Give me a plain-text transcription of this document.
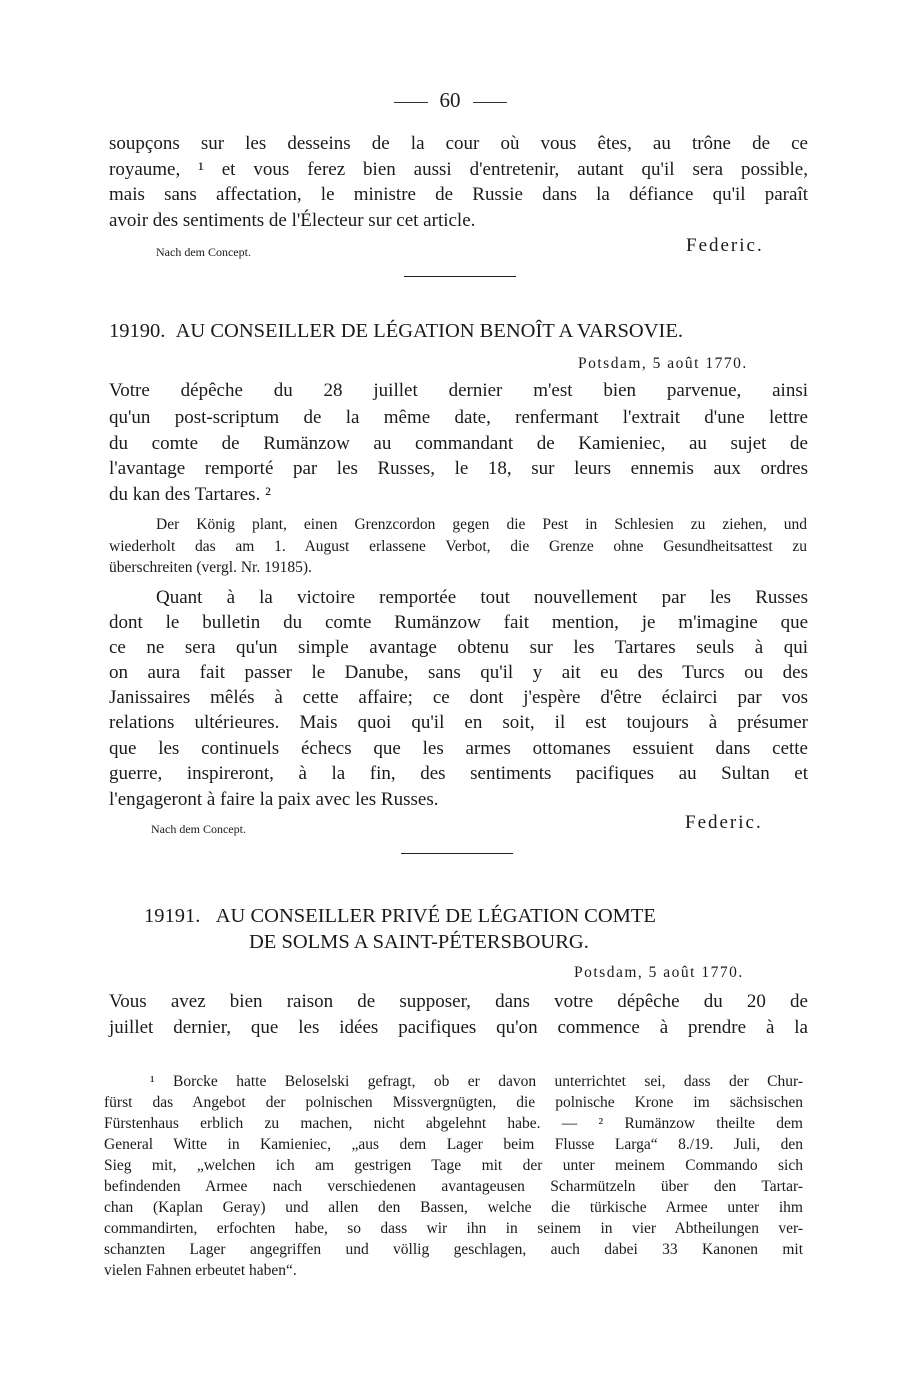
60
soupçons sur les desseins de la cour où vous êtes, au trône de ce
royaume, ¹ et vous ferez bien aussi d'entretenir, autant qu'il sera possible,
mais sans affectation, le ministre de Russie dans la défiance qu'il paraît
avoir des sentiments de l'Électeur sur cet article.
Nach dem Concept.	Federic.
19190. AU CONSEILLER DE LÉGATION BENOÎT A VARSOVIE.
Potsdam, 5 août 1770.
Votre dépêche du 28 juillet dernier m'est bien parvenue, ainsi
qu'un post-scriptum de la même date, renfermant l'extrait d'une lettre
du comte de Rumänzow au commandant de Kamieniec, au sujet de
l'avantage remporté par les Russes, le 18, sur leurs ennemis aux ordres
du kan des Tartares. ²
Der König plant, einen Grenzcordon gegen die Pest in Schlesien zu ziehen, und
wiederholt das am 1. August erlassene Verbot, die Grenze ohne Gesundheitsattest zu
überschreiten (vergl. Nr. 19185).
Quant à la victoire remportée tout nouvellement par les Russes
dont le bulletin du comte Rumänzow fait mention, je m'imagine que
ce ne sera qu'un simple avantage obtenu sur les Tartares seuls à qui
on aura fait passer le Danube, sans qu'il y ait eu des Turcs ou des
Janissaires mêlés à cette affaire; ce dont j'espère d'être éclairci par vos
relations ultérieures. Mais quoi qu'il en soit, il est toujours à présumer
que les continuels échecs que les armes ottomanes essuient dans cette
guerre, inspireront, à la fin, des sentiments pacifiques au Sultan et
l'engageront à faire la paix avec les Russes.
Nach dem Concept.	Federic.
19191. AU CONSEILLER PRIVÉ DE LÉGATION COMTE
DE SOLMS A SAINT-PÉTERSBOURG.
Potsdam, 5 août 1770.
Vous avez bien raison de supposer, dans votre dépêche du 20 de
juillet dernier, que les idées pacifiques qu'on commence à prendre à la
¹ Borcke hatte Beloselski gefragt, ob er davon unterrichtet sei, dass der Chur-
fürst das Angebot der polnischen Missvergnügten, die polnische Krone im sächsischen
Fürstenhaus erblich zu machen, nicht abgelehnt habe. — ² Rumänzow theilte dem
General Witte in Kamieniec, „aus dem Lager beim Flusse Larga“ 8./19. Juli, den
Sieg mit, „welchen ich am gestrigen Tage mit der unter meinem Commando sich
befindenden Armee nach verschiedenen avantageusen Scharmützeln über den Tartar-
chan (Kaplan Geray) und allen den Bassen, welche die türkische Armee unter ihm
commandirten, erfochten habe, so dass wir ihn in seinem in vier Abtheilungen ver-
schanzten Lager angegriffen und völlig geschlagen, auch dabei 33 Kanonen mit
vielen Fahnen erbeutet haben“.
